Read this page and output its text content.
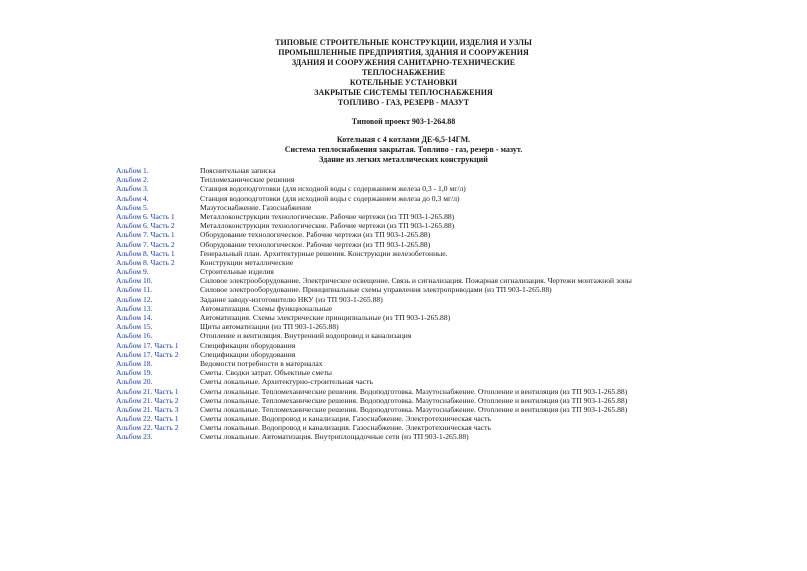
ТИПОВЫЕ СТРОИТЕЛЬНЫЕ КОНСТРУКЦИИ, ИЗДЕЛИЯ И УЗЛЫ
ПРОМЫШЛЕННЫЕ ПРЕДПРИЯТИЯ, ЗДАНИЯ И СООРУЖЕНИЯ
ЗДАНИЯ И СООРУЖЕНИЯ САНИТАРНО-ТЕХНИЧЕСКИЕ
ТЕПЛОСНАБЖЕНИЕ
КОТЕЛЬНЫЕ УСТАНОВКИ
ЗАКРЫТЫЕ СИСТЕМЫ ТЕПЛОСНАБЖЕНИЯ
ТОПЛИВО - ГАЗ, РЕЗЕРВ - МАЗУТ
Типовой проект 903-1-264.88
Котельная с 4 котлами ДЕ-6,5-14ГМ.
Система теплоснабжения закрытая. Топливо - газ, резерв - мазут.
Здание из легких металлических конструкций
Альбом 1.	Пояснительная записка
Альбом 2.	Тепломеханические решения
Альбом 3.	Станция водоподготовки (для исходной воды с содержанием железа 0,3 - 1,0 мг/л)
Альбом 4.	Станция водоподготовки (для исходной воды с содержанием железа до 0,3 мг/л)
Альбом 5.	Мазутоснабжение. Газоснабжение
Альбом 6. Часть 1	Металлоконструкции технологические. Рабочие чертежи (из ТП 903-1-265.88)
Альбом 6. Часть 2	Металлоконструкции технологические. Рабочие чертежи (из ТП 903-1-265.88)
Альбом 7. Часть 1	Оборудование технологическое. Рабочие чертежи (из ТП 903-1-265.88)
Альбом 7. Часть 2	Оборудование технологическое. Рабочие чертежи (из ТП 903-1-265.88)
Альбом 8. Часть 1	Генеральный план. Архитектурные решения. Конструкции железобетонные.
Альбом 8. Часть 2	Конструкции металлические
Альбом 9.	Строительные изделия
Альбом 10.	Силовое электрооборудование. Электрическое освещение. Связь и сигнализация. Пожарная сигнализация. Чертежи монтажной зоны
Альбом 11.	Силовое электрооборудование. Принципиальные схемы управления электроприводами (из ТП 903-1-265.88)
Альбом 12.	Задание заводу-изготовителю НКУ (из ТП 903-1-265.88)
Альбом 13.	Автоматизация. Схемы функциональные
Альбом 14.	Автоматизация. Схемы электрические принципиальные (из ТП 903-1-265.88)
Альбом 15.	Щиты автоматизации (из ТП 903-1-265.88)
Альбом 16.	Отопление и вентиляция. Внутренний водопровод и канализация
Альбом 17. Часть 1	Спецификации оборудования
Альбом 17. Часть 2	Спецификации оборудования
Альбом 18.	Ведомости потребности в материалах
Альбом 19.	Сметы. Сводки затрат. Объектные сметы
Альбом 20.	Сметы локальные. Архитектурно-строительная часть
Альбом 21. Часть 1	Сметы локальные. Тепломеханические решения. Водоподготовка. Мазутоснабжение. Отопление и вентиляция (из ТП 903-1-265.88)
Альбом 21. Часть 2	Сметы локальные. Тепломеханические решения. Водоподготовка. Мазутоснабжение. Отопление и вентиляция (из ТП 903-1-265.88)
Альбом 21. Часть 3	Сметы локальные. Тепломеханические решения. Водоподготовка. Мазутоснабжение. Отопление и вентиляция (из ТП 903-1-265.88)
Альбом 22. Часть 1	Сметы локальные. Водопровод и канализация. Газоснабжение. Электротехническая часть
Альбом 22. Часть 2	Сметы локальные. Водопровод и канализация. Газоснабжение. Электротехническая часть
Альбом 23.	Сметы локальные. Автоматизация. Внутриплощадочные сети (из ТП 903-1-265.88)
